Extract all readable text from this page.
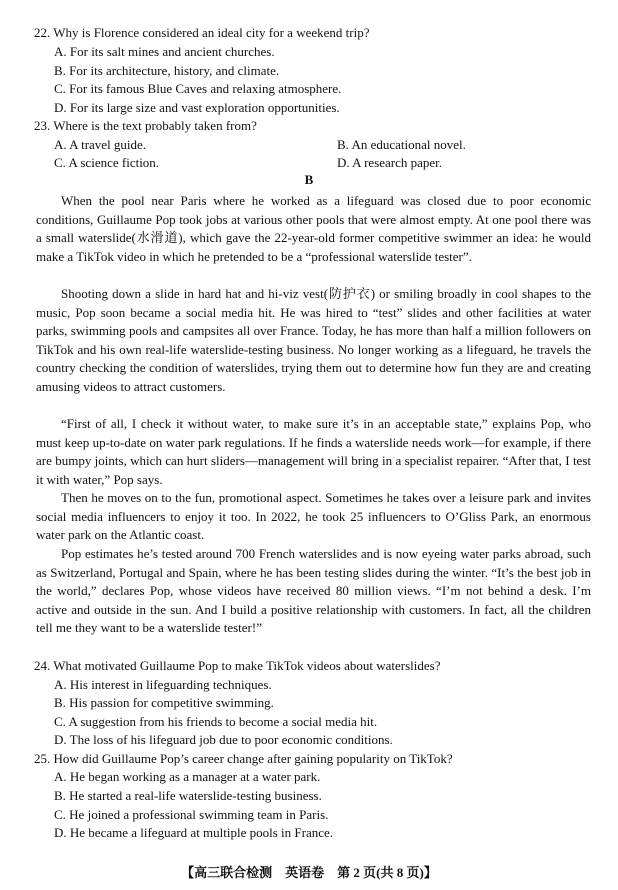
22. Why is Florence considered an ideal city for a weekend trip?
A. For its salt mines and ancient churches.
B. For its architecture, history, and climate.
C. For its famous Blue Caves and relaxing atmosphere.
D. For its large size and vast exploration opportunities.
23. Where is the text probably taken from?
A. A travel guide.	B. An educational novel.
C. A science fiction.	D. A research paper.
B

When the pool near Paris where he worked as a lifeguard was closed due to poor economic conditions, Guillaume Pop took jobs at various other pools that were almost empty. At one pool there was a small waterslide(水滑道), which gave the 22-year-old former competitive swimmer an idea: he would make a TikTok video in which he pretended to be a “professional waterslide tester”.

Shooting down a slide in hard hat and hi-viz vest(防护衣) or smiling broadly in cool shapes to the music, Pop soon became a social media hit. He was hired to “test” slides and other facilities at water parks, swimming pools and campsites all over France. Today, he has more than half a million followers on TikTok and his own real-life waterslide-testing business. No longer working as a lifeguard, he travels the country checking the condition of waterslides, trying them out to determine how fun they are and creating amusing videos to attract customers.

“First of all, I check it without water, to make sure it’s in an acceptable state,” explains Pop, who must keep up-to-date on water park regulations. If he finds a waterslide needs work—for example, if there are bumpy joints, which can hurt sliders—management will bring in a specialist repairer. “After that, I test it with water,” Pop says.

Then he moves on to the fun, promotional aspect. Sometimes he takes over a leisure park and invites social media influencers to enjoy it too. In 2022, he took 25 influencers to O’Gliss Park, an enormous water park on the Atlantic coast.

Pop estimates he’s tested around 700 French waterslides and is now eyeing water parks abroad, such as Switzerland, Portugal and Spain, where he has been testing slides during the winter. “It’s the best job in the world,” declares Pop, whose videos have received 80 million views. “I’m not behind a desk. I’m active and outside in the sun. And I build a positive relationship with customers. In fact, all the children tell me they want to be a waterslide tester!”

24. What motivated Guillaume Pop to make TikTok videos about waterslides?
A. His interest in lifeguarding techniques.
B. His passion for competitive swimming.
C. A suggestion from his friends to become a social media hit.
D. The loss of his lifeguard job due to poor economic conditions.
25. How did Guillaume Pop’s career change after gaining popularity on TikTok?
A. He began working as a manager at a water park.
B. He started a real-life waterslide-testing business.
C. He joined a professional swimming team in Paris.
D. He became a lifeguard at multiple pools in France.
【高三联合检测　英语卷　第 2 页(共 8 页)】
